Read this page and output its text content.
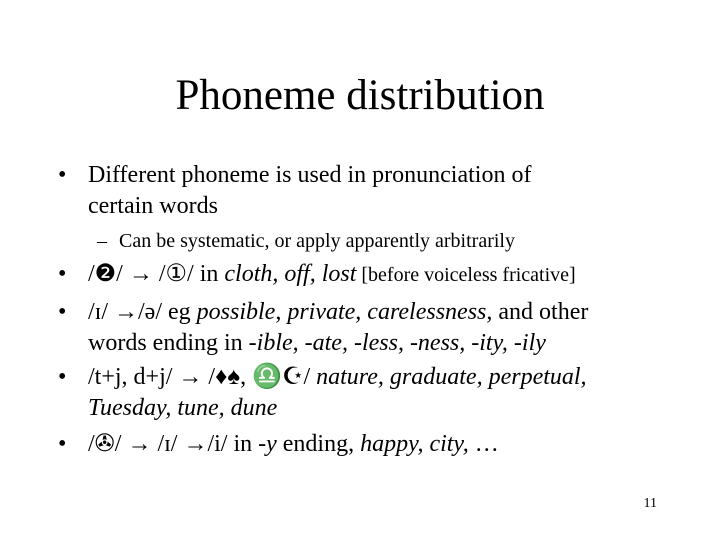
Phoneme distribution
• Different phoneme is used in pronunciation of
certain words
– Can be systematic, or apply apparently arbitrarily
• /❷/ → /①/ in cloth, off, lost [before voiceless fricative]
• /ɪ/ →/ə/ eg possible, private, carelessness, and other
words ending in -ible, -ate, -less, -ness, -ity, -ily
• /t+j, d+j/ → /♦♠, ♎☪/ nature, graduate, perpetual,
Tuesday, tune, dune
• /✇/ → /ɪ/ →/i/ in -y ending, happy, city, …
11
